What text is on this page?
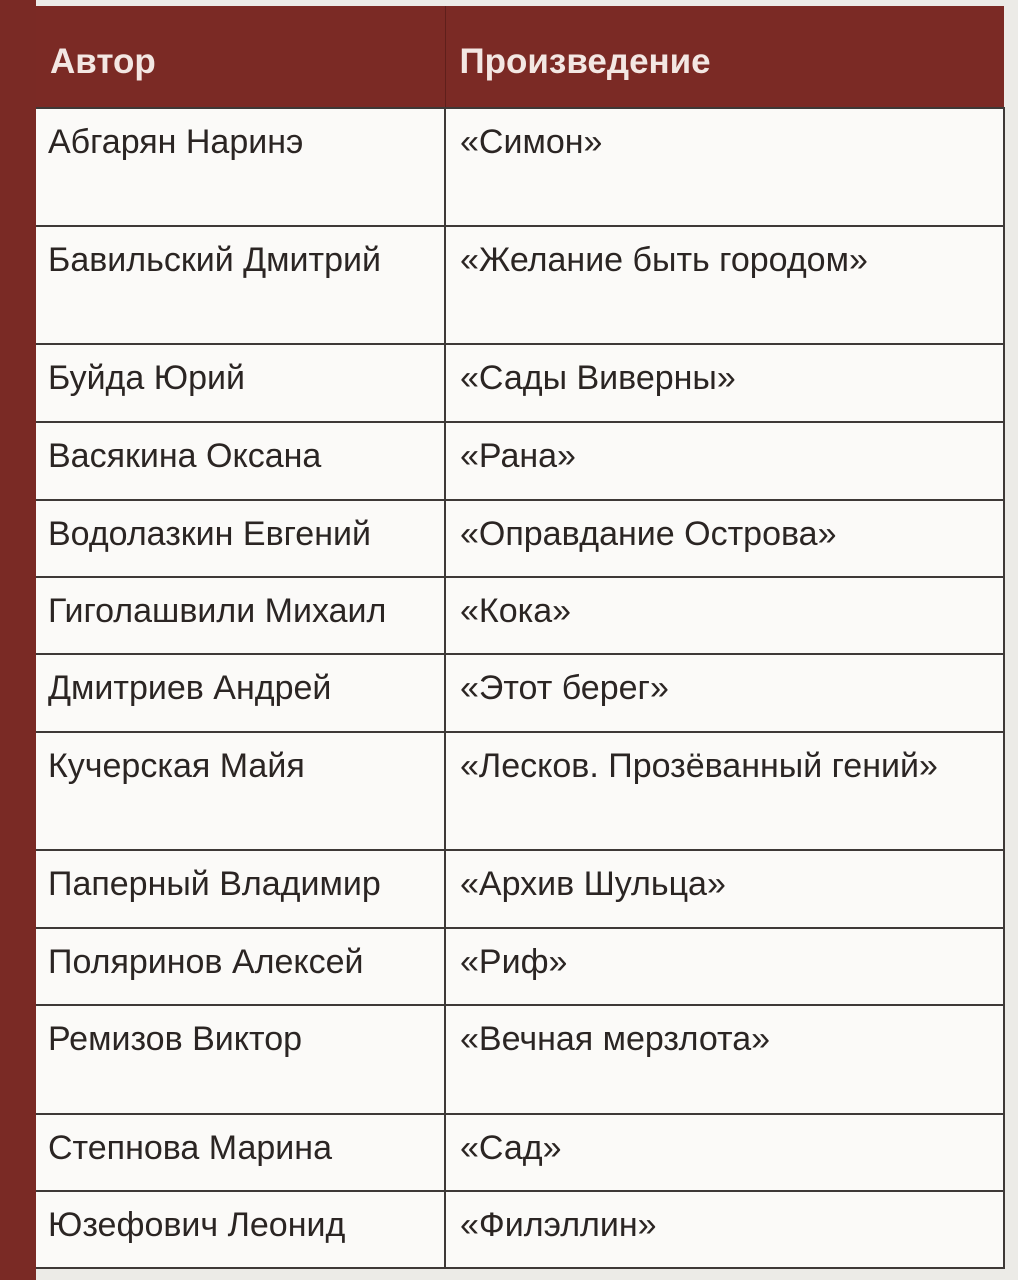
Автор	Произведение
Абгарян Наринэ	«Симон»
Бавильский Дмитрий	«Желание быть городом»
Буйда Юрий	«Сады Виверны»
Васякина Оксана	«Рана»
Водолазкин Евгений	«Оправдание Острова»
Гиголашвили Михаил	«Кока»
Дмитриев Андрей	«Этот берег»
Кучерская Майя	«Лесков. Прозёванный гений»
Паперный Владимир	«Архив Шульца»
Поляринов Алексей	«Риф»
Ремизов Виктор	«Вечная мерзлота»
Степнова Марина	«Сад»
Юзефович Леонид	«Филэллин»
